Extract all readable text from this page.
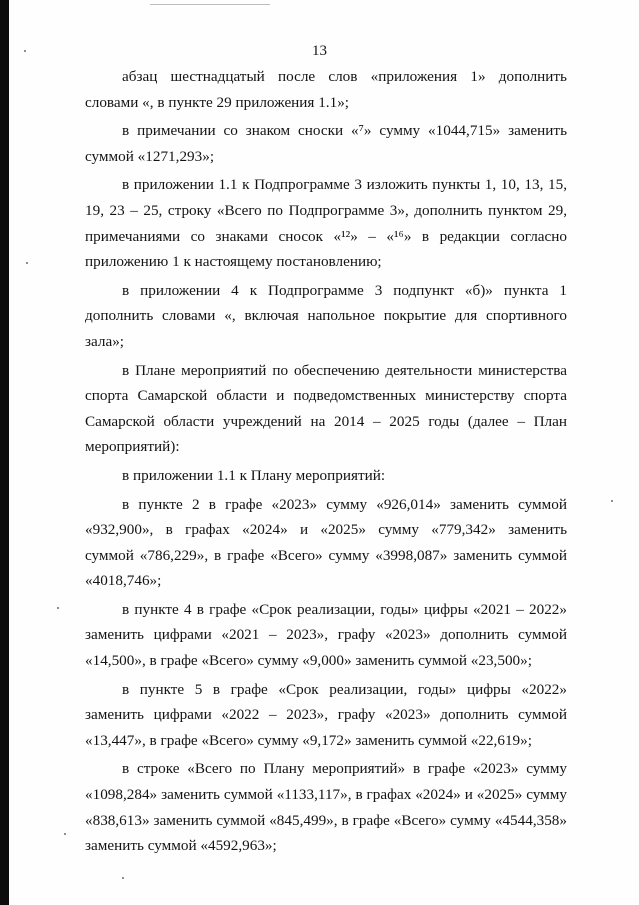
13

абзац шестнадцатый после слов «приложения 1» дополнить словами «, в пункте 29 приложения 1.1»;

в примечании со знаком сноски «⁷» сумму «1044,715» заменить суммой «1271,293»;

в приложении 1.1 к Подпрограмме 3 изложить пункты 1, 10, 13, 15, 19, 23 – 25, строку «Всего по Подпрограмме 3», дополнить пунктом 29, примечаниями со знаками сносок «¹²» – «¹⁶» в редакции согласно приложению 1 к настоящему постановлению;

в приложении 4 к Подпрограмме 3 подпункт «б)» пункта 1 дополнить словами «, включая напольное покрытие для спортивного зала»;

в Плане мероприятий по обеспечению деятельности министерства спорта Самарской области и подведомственных министерству спорта Самарской области учреждений на 2014 – 2025 годы (далее – План мероприятий):

в приложении 1.1 к Плану мероприятий:

в пункте 2 в графе «2023» сумму «926,014» заменить суммой «932,900», в графах «2024» и «2025» сумму «779,342» заменить суммой «786,229», в графе «Всего» сумму «3998,087» заменить суммой «4018,746»;

в пункте 4 в графе «Срок реализации, годы» цифры «2021 – 2022» заменить цифрами «2021 – 2023», графу «2023» дополнить суммой «14,500», в графе «Всего» сумму «9,000» заменить суммой «23,500»;

в пункте 5 в графе «Срок реализации, годы» цифры «2022» заменить цифрами «2022 – 2023», графу «2023» дополнить суммой «13,447», в графе «Всего» сумму «9,172» заменить суммой «22,619»;

в строке «Всего по Плану мероприятий» в графе «2023» сумму «1098,284» заменить суммой «1133,117», в графах «2024» и «2025» сумму «838,613» заменить суммой «845,499», в графе «Всего» сумму «4544,358» заменить суммой «4592,963»;
